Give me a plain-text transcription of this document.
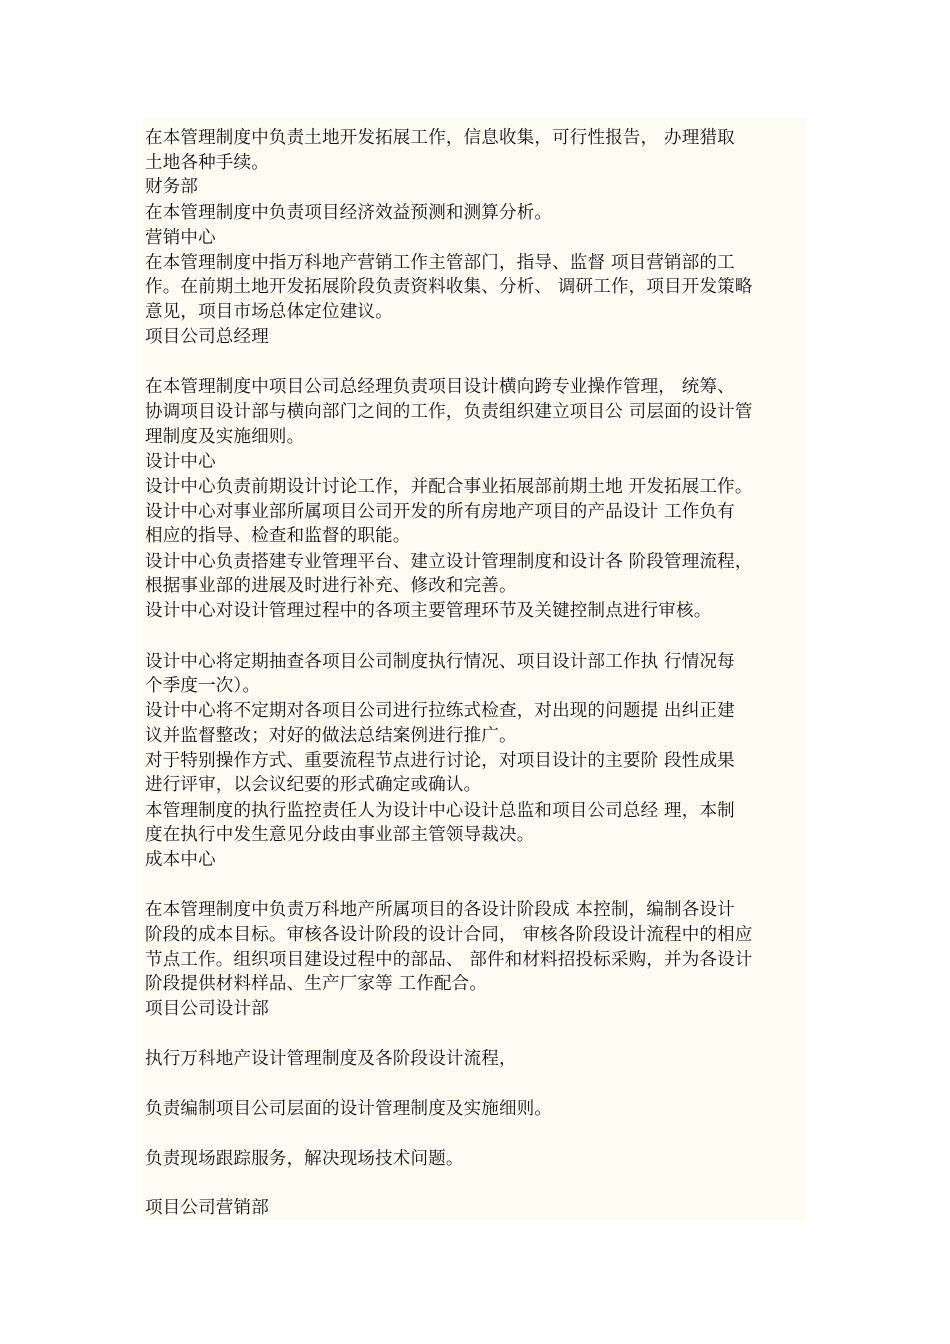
在本管理制度中负责土地开发拓展工作，信息收集，可行性报告， 办理猎取
土地各种手续。
财务部
在本管理制度中负责项目经济效益预测和测算分析。
营销中心
在本管理制度中指万科地产营销工作主管部门，指导、监督 项目营销部的工
作。在前期土地开发拓展阶段负责资料收集、分析、 调研工作，项目开发策略
意见，项目市场总体定位建议。
项目公司总经理
在本管理制度中项目公司总经理负责项目设计横向跨专业操作管理， 统筹、
协调项目设计部与横向部门之间的工作，负责组织建立项目公 司层面的设计管
理制度及实施细则。
设计中心
设计中心负责前期设计讨论工作，并配合事业拓展部前期土地 开发拓展工作。
设计中心对事业部所属项目公司开发的所有房地产项目的产品设计 工作负有
相应的指导、检查和监督的职能。
设计中心负责搭建专业管理平台、建立设计管理制度和设计各 阶段管理流程，
根据事业部的进展及时进行补充、修改和完善。
设计中心对设计管理过程中的各项主要管理环节及关键控制点进行审核。
设计中心将定期抽查各项目公司制度执行情况、项目设计部工作执 行情况每
个季度一次）。
设计中心将不定期对各项目公司进行拉练式检查，对出现的问题提 出纠正建
议并监督整改；对好的做法总结案例进行推广。
对于特别操作方式、重要流程节点进行讨论，对项目设计的主要阶 段性成果
进行评审，以会议纪要的形式确定或确认。
本管理制度的执行监控责任人为设计中心设计总监和项目公司总经 理，本制
度在执行中发生意见分歧由事业部主管领导裁决。
成本中心
在本管理制度中负责万科地产所属项目的各设计阶段成 本控制，编制各设计
阶段的成本目标。审核各设计阶段的设计合同， 审核各阶段设计流程中的相应
节点工作。组织项目建设过程中的部品、 部件和材料招投标采购，并为各设计
阶段提供材料样品、生产厂家等 工作配合。
项目公司设计部
执行万科地产设计管理制度及各阶段设计流程，
负责编制项目公司层面的设计管理制度及实施细则。
负责现场跟踪服务，解决现场技术问题。
项目公司营销部
